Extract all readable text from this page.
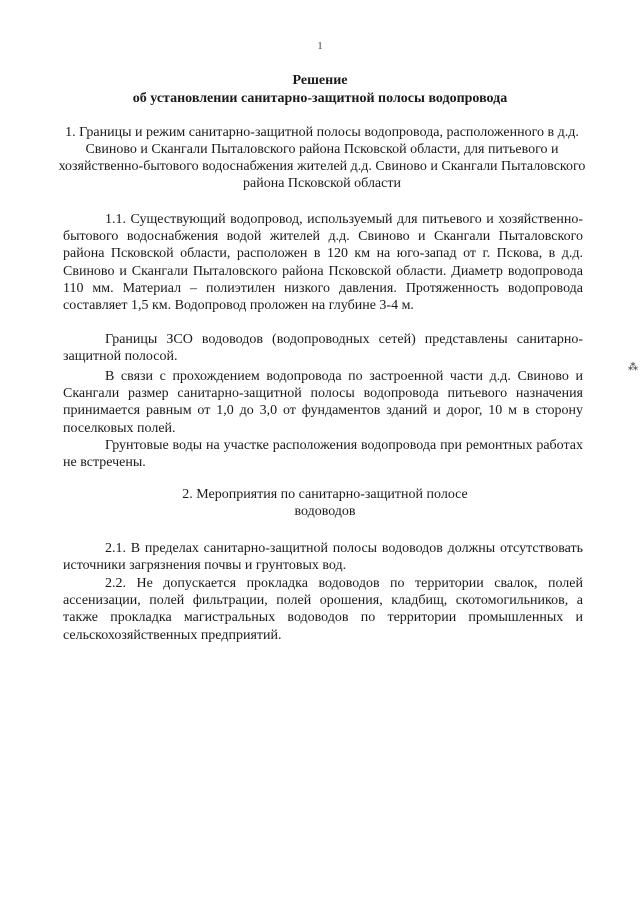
1
Решение
об установлении санитарно-защитной полосы водопровода
1. Границы и режим санитарно-защитной полосы водопровода, расположенного в д.д. Свиново и Скангали Пыталовского района Псковской области, для питьевого и хозяйственно-бытового водоснабжения жителей д.д. Свиново и Скангали Пыталовского района Псковской области

1.1. Существующий водопровод, используемый для питьевого и хозяйственно-бытового водоснабжения водой жителей д.д. Свиново и Скангали Пыталовского района Псковской области, расположен в 120 км на юго-запад от г. Пскова, в д.д. Свиново и Скангали Пыталовского района Псковской области. Диаметр водопровода 110 мм. Материал – полиэтилен низкого давления. Протяженность водопровода составляет 1,5 км. Водопровод проложен на глубине 3-4 м.

Границы ЗСО водоводов (водопроводных сетей) представлены санитарно-защитной полосой.

В связи с прохождением водопровода по застроенной части д.д. Свиново и Скангали размер санитарно-защитной полосы водопровода питьевого назначения принимается равным от 1,0 до 3,0 от фундаментов зданий и дорог, 10 м в сторону поселковых полей.

Грунтовые воды на участке расположения водопровода при ремонтных работах не встречены.

2. Мероприятия по санитарно-защитной полосе водоводов

2.1. В пределах санитарно-защитной полосы водоводов должны отсутствовать источники загрязнения почвы и грунтовых вод.

2.2. Не допускается прокладка водоводов по территории свалок, полей ассенизации, полей фильтрации, полей орошения, кладбищ, скотомогильников, а также прокладка магистральных водоводов по территории промышленных и сельскохозяйственных предприятий.

⁂
